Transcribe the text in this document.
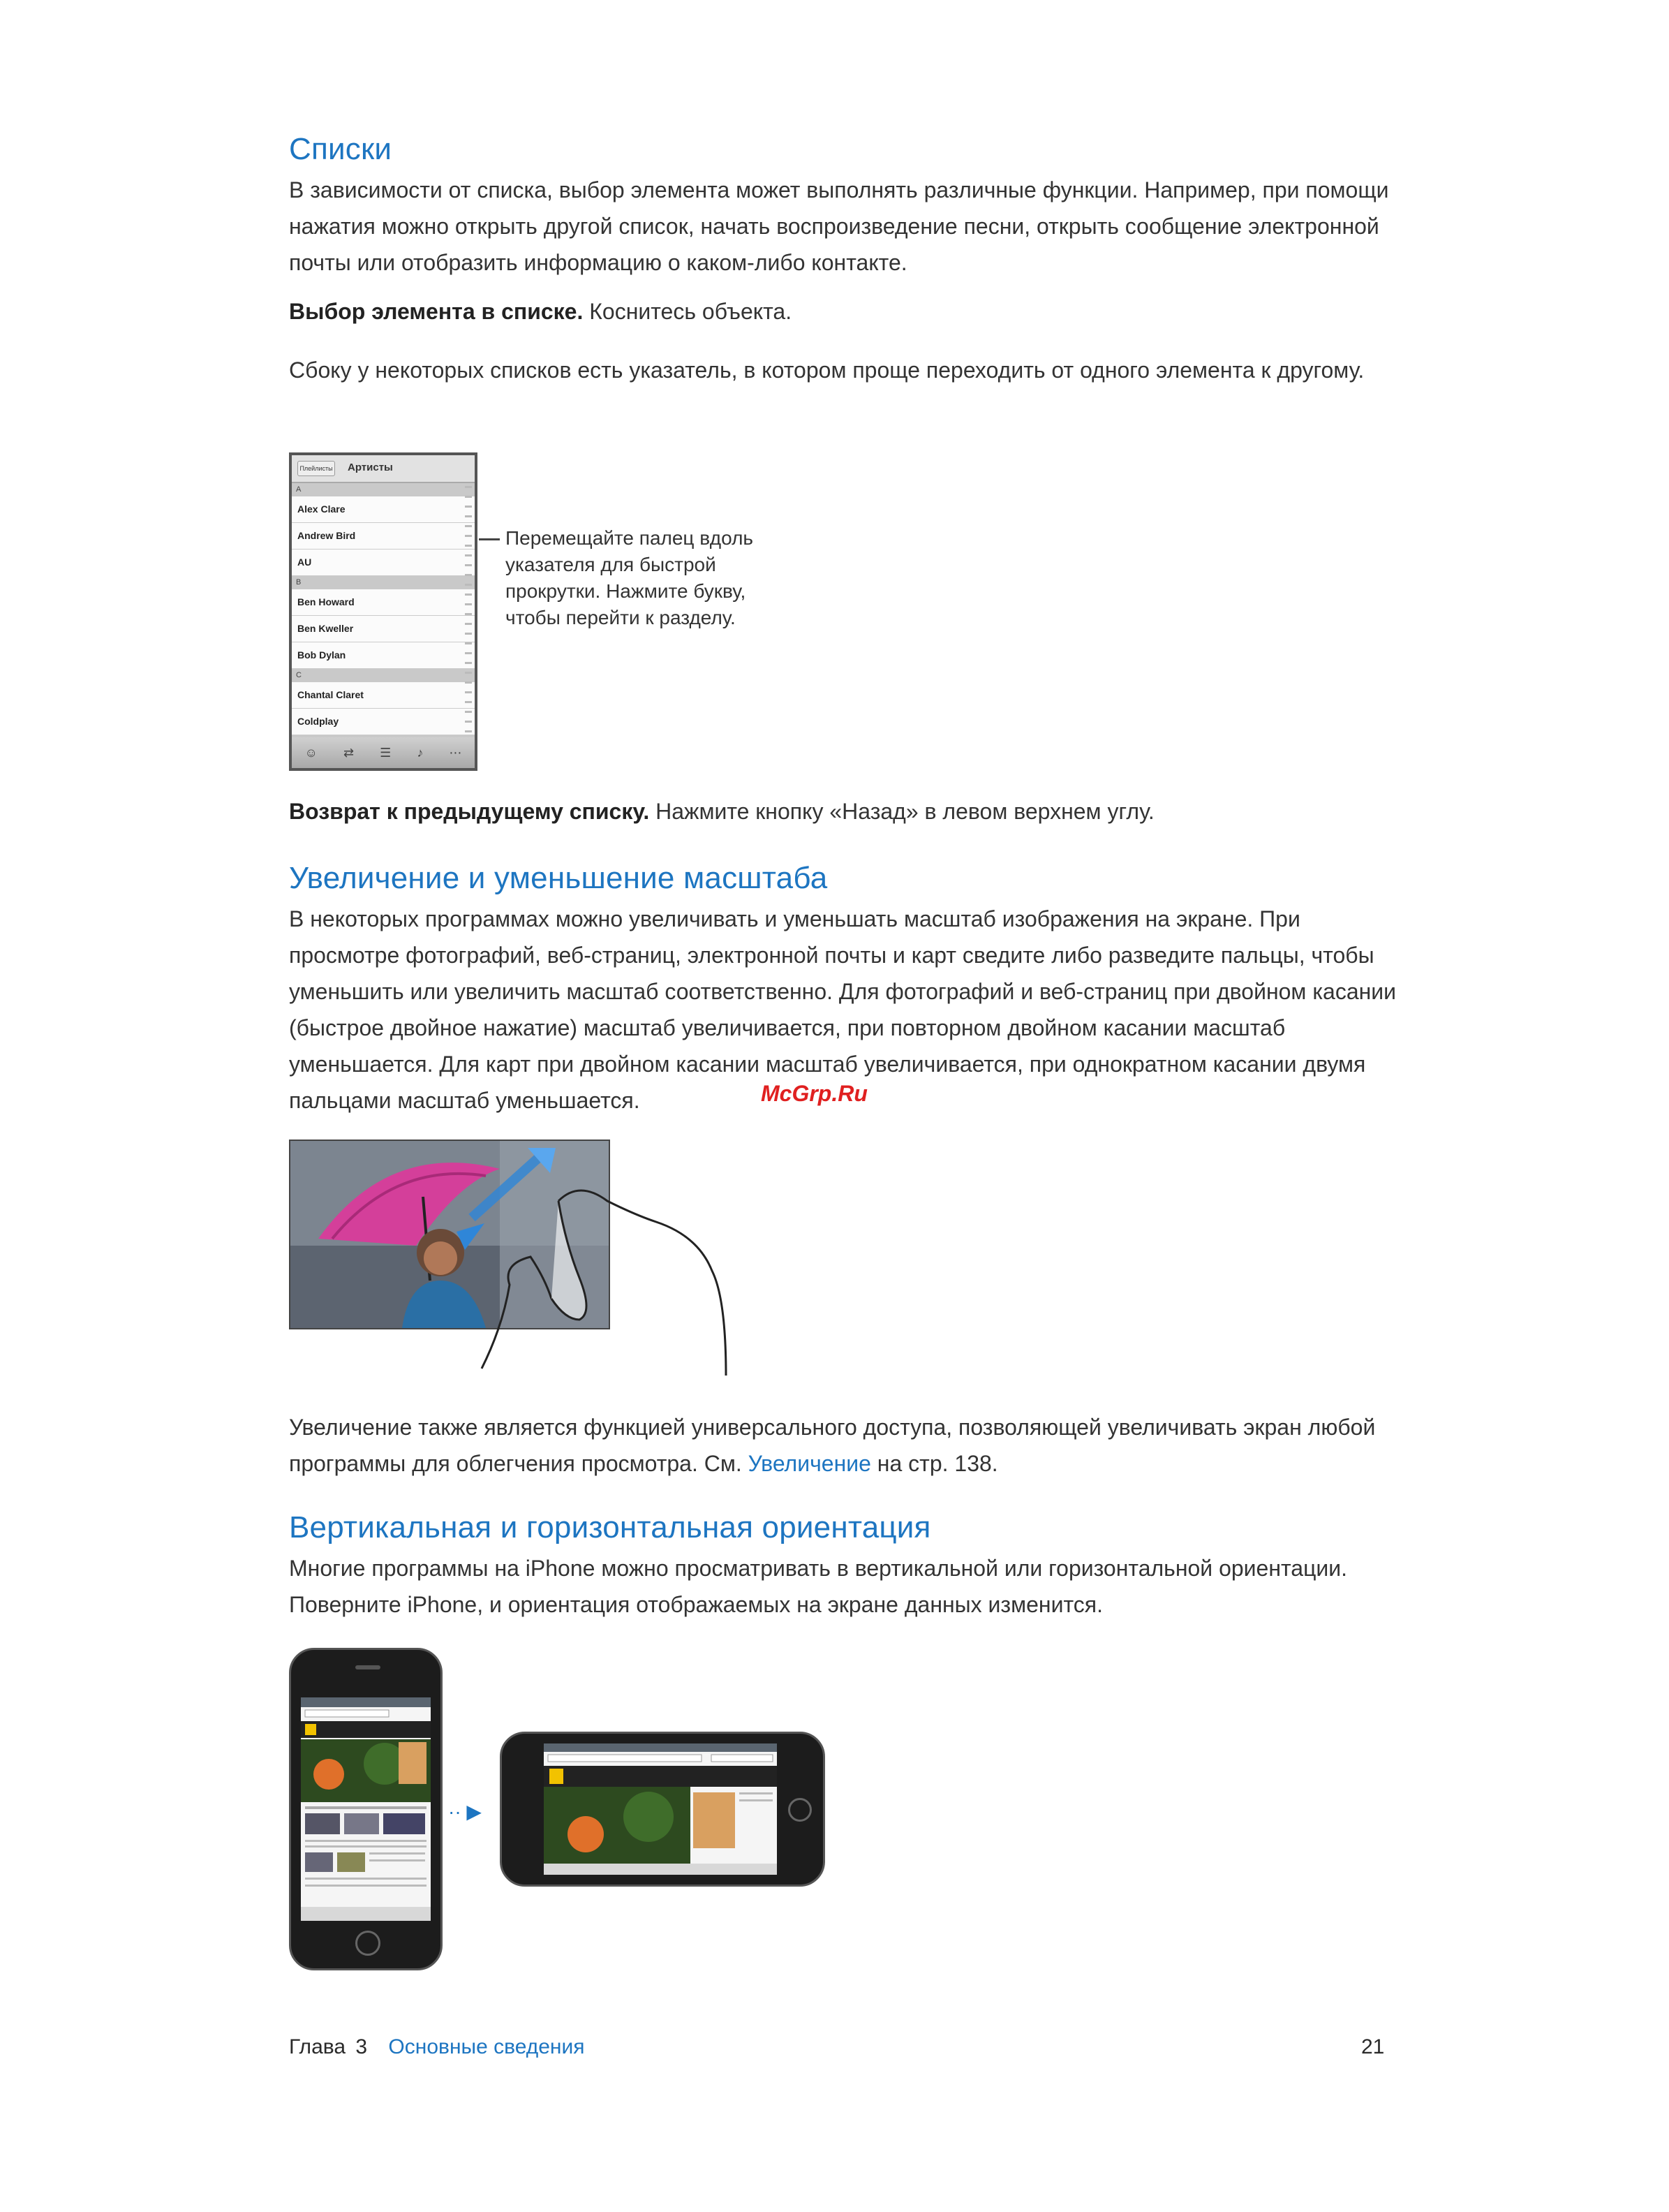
Списки
В зависимости от списка, выбор элемента может выполнять различные функции. Например, при помощи нажатия можно открыть другой список, начать воспроизведение песни, открыть сообщение электронной почты или отобразить информацию о каком-либо контакте.
Выбор элемента в списке. Коснитесь объекта.
Сбоку у некоторых списков есть указатель, в котором проще переходить от одного элемента к другому.
Плейлисты Артисты
A
Alex Clare
Andrew Bird
AU
B
Ben Howard
Ben Kweller
Bob Dylan
C
Chantal Claret
Coldplay
☺ ⇄ ☰ ♪ ⋯
Перемещайте палец вдоль указателя для быстрой прокрутки. Нажмите букву, чтобы перейти к разделу.
Возврат к предыдущему списку. Нажмите кнопку «Назад» в левом верхнем углу.
Увеличение и уменьшение масштаба
В некоторых программах можно увеличивать и уменьшать масштаб изображения на экране. При просмотре фотографий, веб-страниц, электронной почты и карт сведите либо разведите пальцы, чтобы уменьшить или увеличить масштаб соответственно. Для фотографий и веб-страниц при двойном касании (быстрое двойное нажатие) масштаб увеличивается, при повторном двойном касании масштаб уменьшается. Для карт при двойном касании масштаб увеличивается, при однократном касании двумя пальцами масштаб уменьшается.	McGrp.Ru
Увеличение также является функцией универсального доступа, позволяющей увеличивать экран любой программы для облегчения просмотра. См. Увеличение на стр. 138.
Вертикальная и горизонтальная ориентация
Многие программы на iPhone можно просматривать в вертикальной или горизонтальной ориентации. Поверните iPhone, и ориентация отображаемых на экране данных изменится.
·· ▶
Глава 3 Основные сведения	21
